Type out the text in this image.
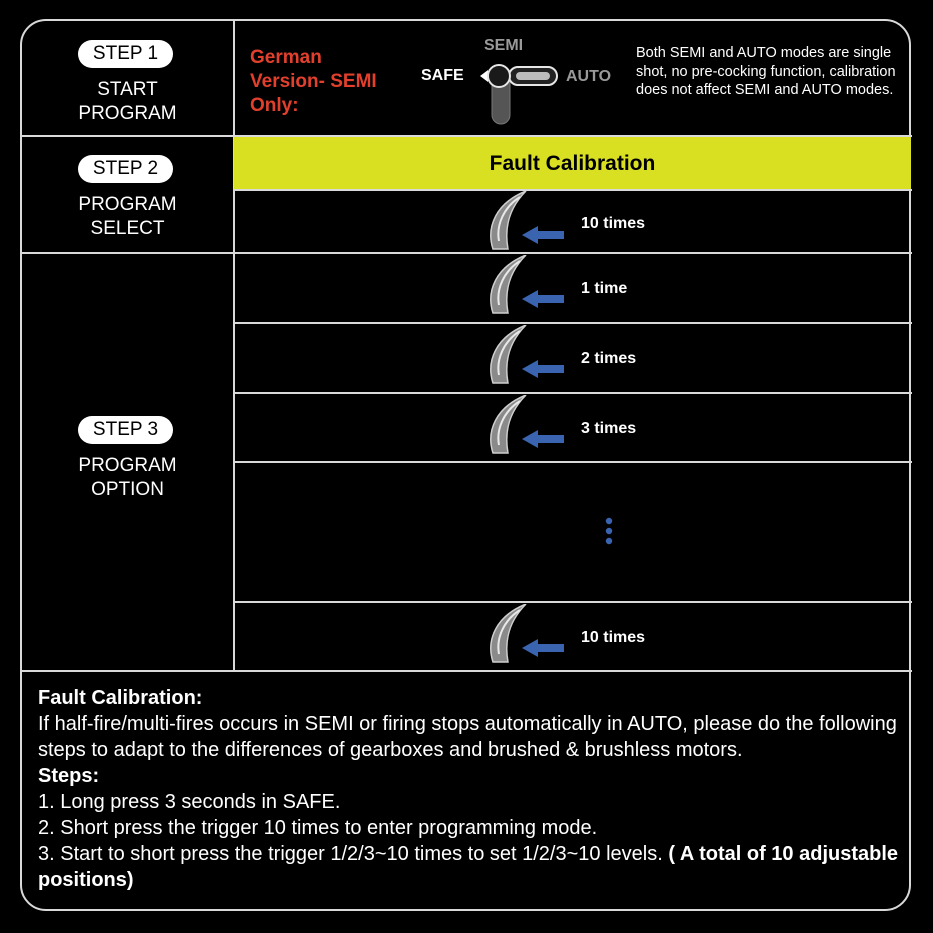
STEP 1
START
PROGRAM
STEP 2
PROGRAM
SELECT
STEP 3
PROGRAM
OPTION
German
Version- SEMI
Only:
SEMI
SAFE	AUTO
Both SEMI and AUTO modes are single shot, no pre-cocking function, calibration does not affect SEMI and AUTO modes.
Fault Calibration
10 times
1 time
2 times
3 times
10 times

Fault Calibration:

If half-fire/multi-fires occurs in SEMI or firing stops automatically in AUTO, please do the following steps to adapt to the differences of gearboxes and brushed & brushless motors.

Steps:

1. Long press 3 seconds in SAFE.

2. Short press the trigger 10 times to enter programming mode.

3. Start to short press the trigger 1/2/3~10 times to set 1/2/3~10 levels. ( A total of 10 adjustable positions)
